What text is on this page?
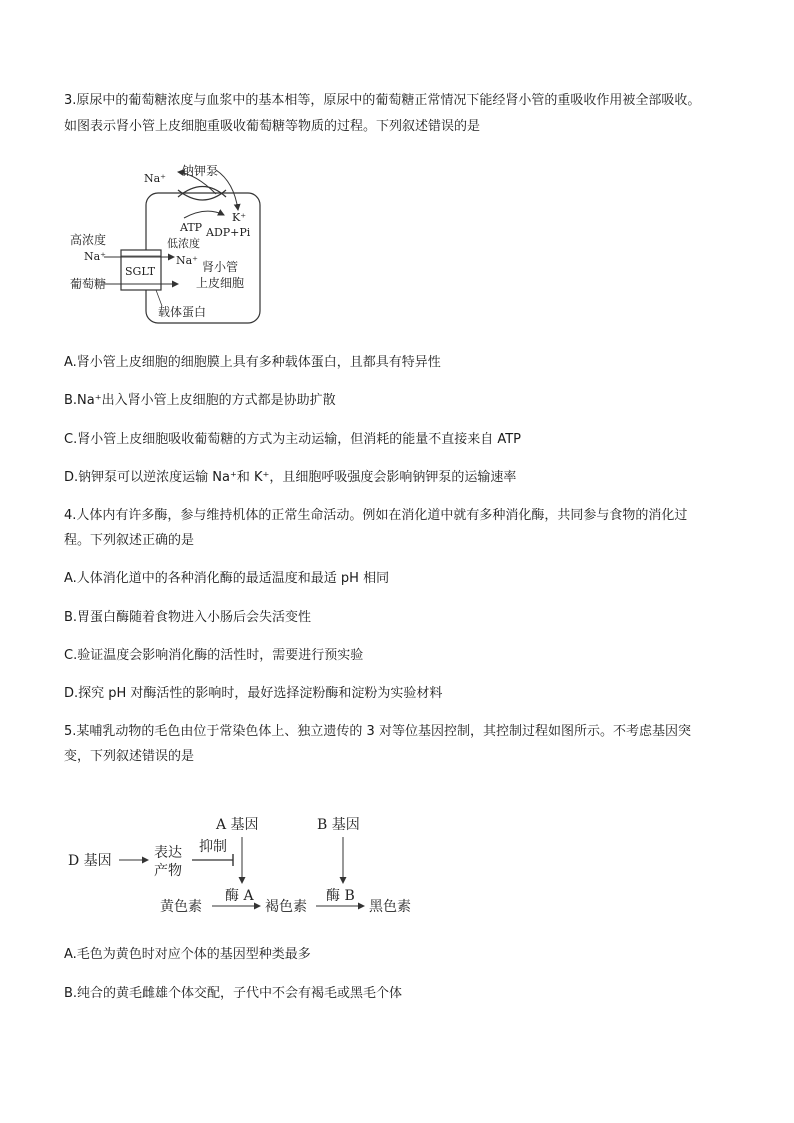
3.原尿中的葡萄糖浓度与血浆中的基本相等，原尿中的葡萄糖正常情况下能经肾小管的重吸收作用被全部吸收。
如图表示肾小管上皮细胞重吸收葡萄糖等物质的过程。下列叙述错误的是
Na⁺
钠钾泵
K⁺
ATP ADP+Pi
低浓度
Na⁺
SGLT
高浓度
Na⁺
葡萄糖
肾小管
上皮细胞
载体蛋白
A.肾小管上皮细胞的细胞膜上具有多种载体蛋白，且都具有特异性
B.Na⁺出入肾小管上皮细胞的方式都是协助扩散
C.肾小管上皮细胞吸收葡萄糖的方式为主动运输，但消耗的能量不直接来自 ATP
D.钠钾泵可以逆浓度运输 Na⁺和 K⁺，且细胞呼吸强度会影响钠钾泵的运输速率
4.人体内有许多酶，参与维持机体的正常生命活动。例如在消化道中就有多种消化酶，共同参与食物的消化过
程。下列叙述正确的是
A.人体消化道中的各种消化酶的最适温度和最适 pH 相同
B.胃蛋白酶随着食物进入小肠后会失活变性
C.验证温度会影响消化酶的活性时，需要进行预实验
D.探究 pH 对酶活性的影响时，最好选择淀粉酶和淀粉为实验材料
5.某哺乳动物的毛色由位于常染色体上、独立遗传的 3 对等位基因控制，其控制过程如图所示。不考虑基因突
变，下列叙述错误的是
A 基因	B 基因
D 基因	表达
产物
抑制
酶 A	酶 B
黄色素	褐色素	黑色素
A.毛色为黄色时对应个体的基因型种类最多
B.纯合的黄毛雌雄个体交配，子代中不会有褐毛或黑毛个体
